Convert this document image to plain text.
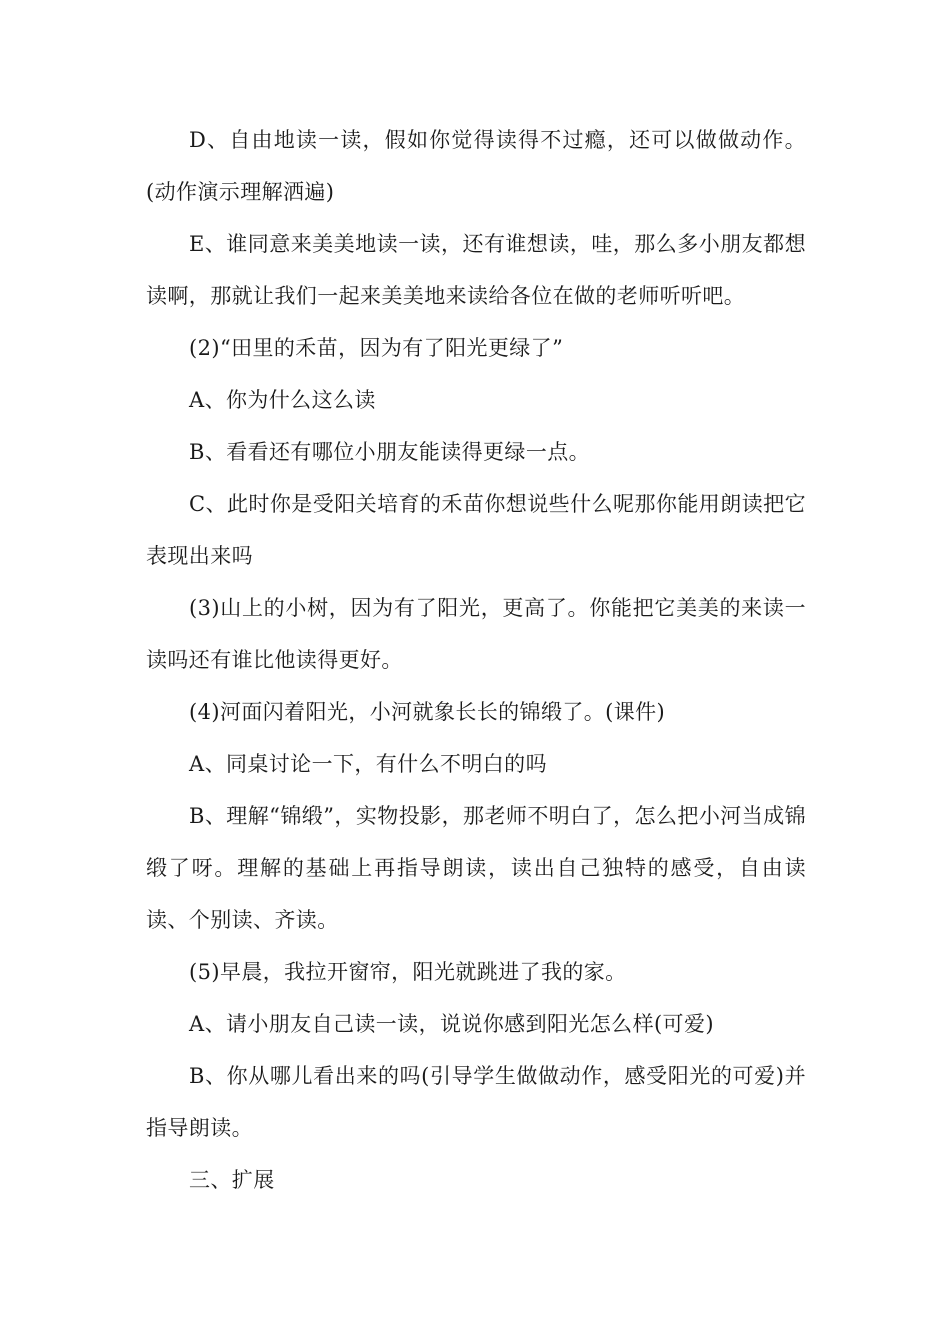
D、自由地读一读，假如你觉得读得不过瘾，还可以做做动作。(动作演示理解洒遍)

E、谁同意来美美地读一读，还有谁想读，哇，那么多小朋友都想读啊，那就让我们一起来美美地来读给各位在做的老师听听吧。

(2)“田里的禾苗，因为有了阳光更绿了”

A、你为什么这么读

B、看看还有哪位小朋友能读得更绿一点。

C、此时你是受阳关培育的禾苗你想说些什么呢那你能用朗读把它表现出来吗

(3)山上的小树，因为有了阳光，更高了。你能把它美美的来读一读吗还有谁比他读得更好。

(4)河面闪着阳光，小河就象长长的锦缎了。(课件)

A、同桌讨论一下，有什么不明白的吗

B、理解“锦缎”，实物投影，那老师不明白了，怎么把小河当成锦缎了呀。理解的基础上再指导朗读，读出自己独特的感受，自由读读、个别读、齐读。

(5)早晨，我拉开窗帘，阳光就跳进了我的家。

A、请小朋友自己读一读，说说你感到阳光怎么样(可爱)

B、你从哪儿看出来的吗(引导学生做做动作，感受阳光的可爱)并指导朗读。

三、扩展
